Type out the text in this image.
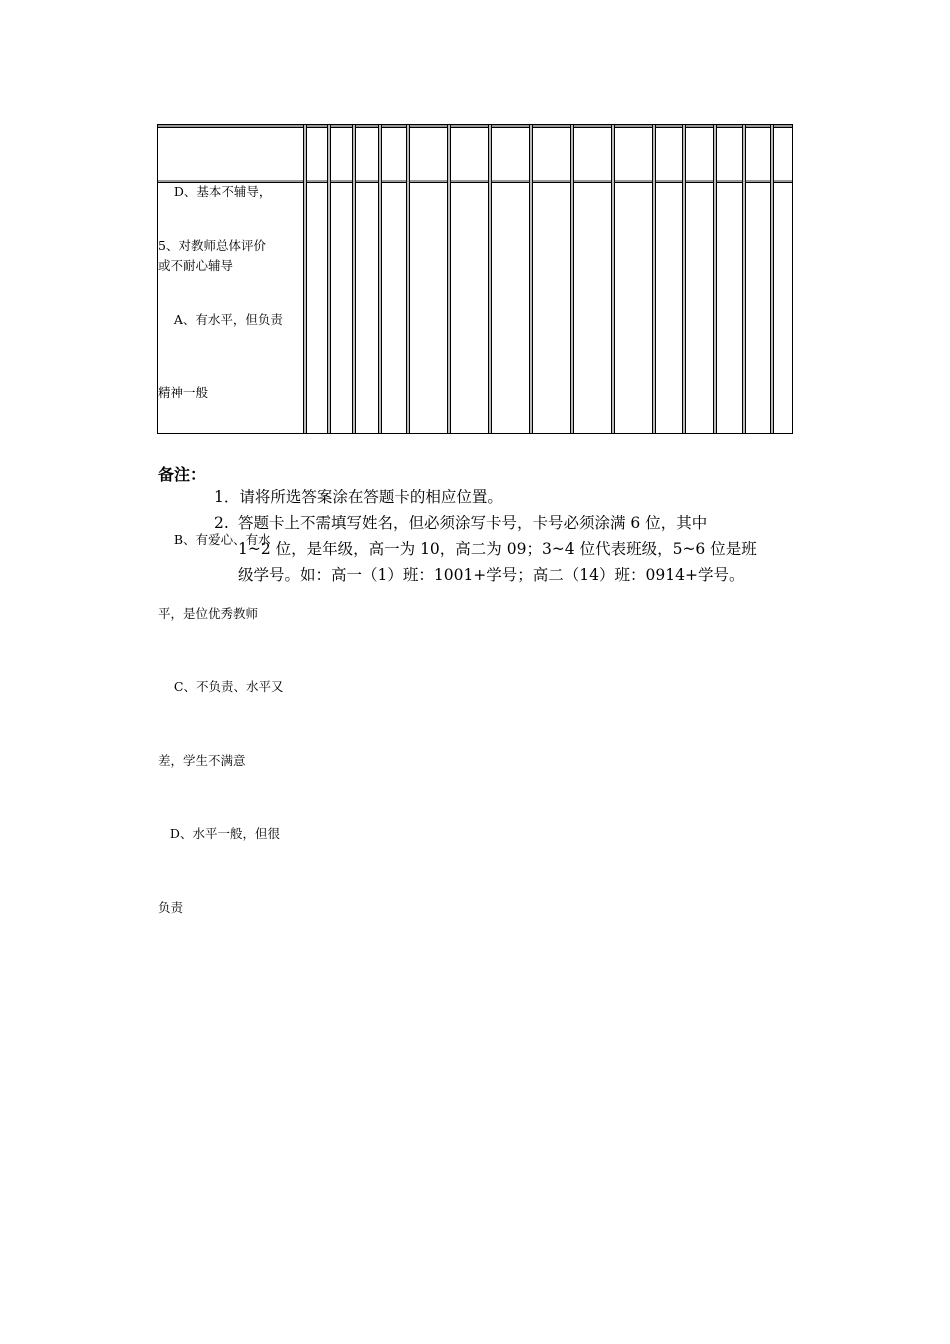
D、基本不辅导，

或不耐心辅导

5、对教师总体评价

A、有水平，但负责

精神一般

B、有爱心、有水

平，是位优秀教师

C、不负责、水平又

差，学生不满意

D、水平一般，但很

负责

备注：
1．请将所选答案涂在答题卡的相应位置。
2. 答题卡上不需填写姓名，但必须涂写卡号，卡号必须涂满 6 位，其中
1~2 位，是年级，高一为 10，高二为 09；3~4 位代表班级，5~6 位是班
级学号。如：高一（1）班：1001+学号；高二（14）班：0914+学号。
